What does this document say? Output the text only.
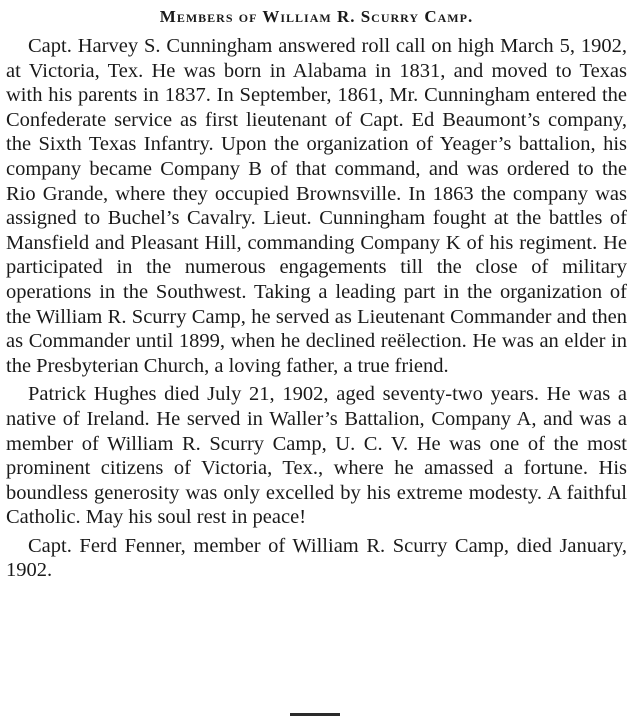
Members of William R. Scurry Camp.

Capt. Harvey S. Cunningham answered roll call on high March 5, 1902, at Victoria, Tex. He was born in Alabama in 1831, and moved to Texas with his parents in 1837. In September, 1861, Mr. Cunningham entered the Confederate service as first lieutenant of Capt. Ed Beaumont’s company, the Sixth Texas Infantry. Upon the organization of Yeager’s battalion, his company became Company B of that command, and was ordered to the Rio Grande, where they occupied Brownsville. In 1863 the company was assigned to Buchel’s Cavalry. Lieut. Cunningham fought at the battles of Mansfield and Pleasant Hill, commanding Company K of his regiment. He participated in the numerous engagements till the close of military operations in the Southwest. Taking a leading part in the organization of the William R. Scurry Camp, he served as Lieutenant Commander and then as Commander until 1899, when he declined reëlection. He was an elder in the Presbyterian Church, a loving father, a true friend.

Patrick Hughes died July 21, 1902, aged seventy-two years. He was a native of Ireland. He served in Waller’s Battalion, Company A, and was a member of William R. Scurry Camp, U. C. V. He was one of the most prominent citizens of Victoria, Tex., where he amassed a fortune. His boundless generosity was only excelled by his extreme modesty. A faithful Catholic. May his soul rest in peace!

Capt. Ferd Fenner, member of William R. Scurry Camp, died January, 1902.
